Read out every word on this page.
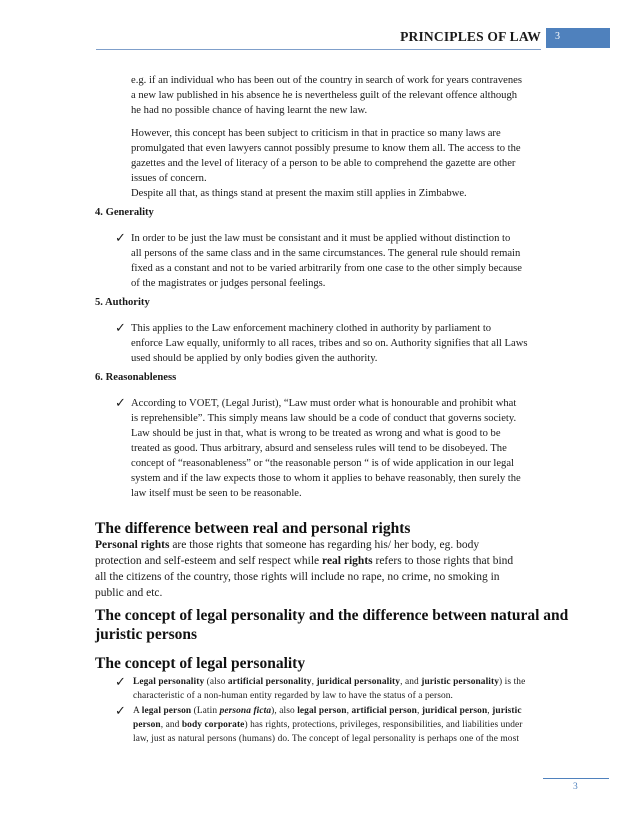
PRINCIPLES OF LAW 3
e.g. if an individual who has been out of the country in search of work for years contravenes
a new law published in his absence he is nevertheless guilt of the relevant offence although
he had no possible chance of having learnt the new law.
However, this concept has been subject to criticism in that in practice so many laws are
promulgated that even lawyers cannot possibly presume to know them all. The access to the
gazettes and the level of literacy of a person to be able to comprehend the gazette are other
issues of concern.
Despite all that, as things stand at present the maxim still applies in Zimbabwe.
4. Generality
✓ In order to be just the law must be consistant and it must be applied without distinction to
all persons of the same class and in the same circumstances. The general rule should remain
fixed as a constant and not to be varied arbitrarily from one case to the other simply because
of the magistrates or judges personal feelings.
5. Authority
✓ This applies to the Law enforcement machinery clothed in authority by parliament to
enforce Law equally, uniformly to all races, tribes and so on. Authority signifies that all Laws
used should be applied by only bodies given the authority.
6. Reasonableness
✓ According to VOET, (Legal Jurist), “Law must order what is honourable and prohibit what
is reprehensible”. This simply means law should be a code of conduct that governs society.
Law should be just in that, what is wrong to be treated as wrong and what is good to be
treated as good. Thus arbitrary, absurd and senseless rules will tend to be disobeyed. The
concept of “reasonableness” or “the reasonable person “ is of wide application in our legal
system and if the law expects those to whom it applies to behave reasonably, then surely the
law itself must be seen to be reasonable.
The difference between real and personal rights
Personal rights are those rights that someone has regarding his/ her body, eg. body
protection and self-esteem and self respect while real rights refers to those rights that bind
all the citizens of the country, those rights will include no rape, no crime, no smoking in
public and etc.
The concept of legal personality and the difference between natural and
juristic persons
The concept of legal personality
✓ Legal personality (also artificial personality, juridical personality, and juristic personality) is the
characteristic of a non-human entity regarded by law to have the status of a person.
✓ A legal person (Latin persona ficta), also legal person, artificial person, juridical person, juristic
person, and body corporate) has rights, protections, privileges, responsibilities, and liabilities under
law, just as natural persons (humans) do. The concept of legal personality is perhaps one of the most
3
